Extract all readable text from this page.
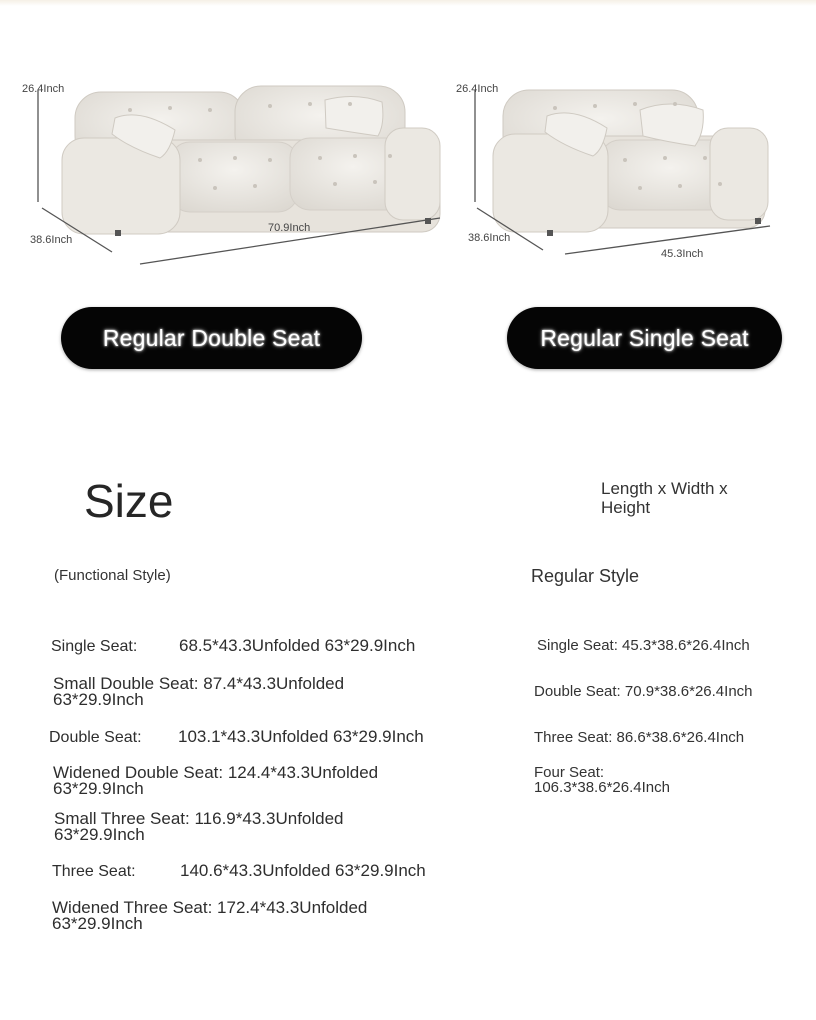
26.4Inch
38.6Inch
70.9Inch
26.4Inch
38.6Inch
45.3Inch
Regular Double Seat	Regular Single Seat
Size	Length x Width x Height
(Functional Style)	Regular Style
Single Seat: 68.5*43.3Unfolded 63*29.9Inch
Small Double Seat: 87.4*43.3Unfolded 63*29.9Inch
Double Seat: 103.1*43.3Unfolded 63*29.9Inch
Widened Double Seat: 124.4*43.3Unfolded 63*29.9Inch
Small Three Seat: 116.9*43.3Unfolded 63*29.9Inch
Three Seat:	140.6*43.3Unfolded 63*29.9Inch
Widened Three Seat: 172.4*43.3Unfolded 63*29.9Inch
Single Seat: 45.3*38.6*26.4Inch
Double Seat: 70.9*38.6*26.4Inch
Three Seat: 86.6*38.6*26.4Inch
Four Seat: 106.3*38.6*26.4Inch
